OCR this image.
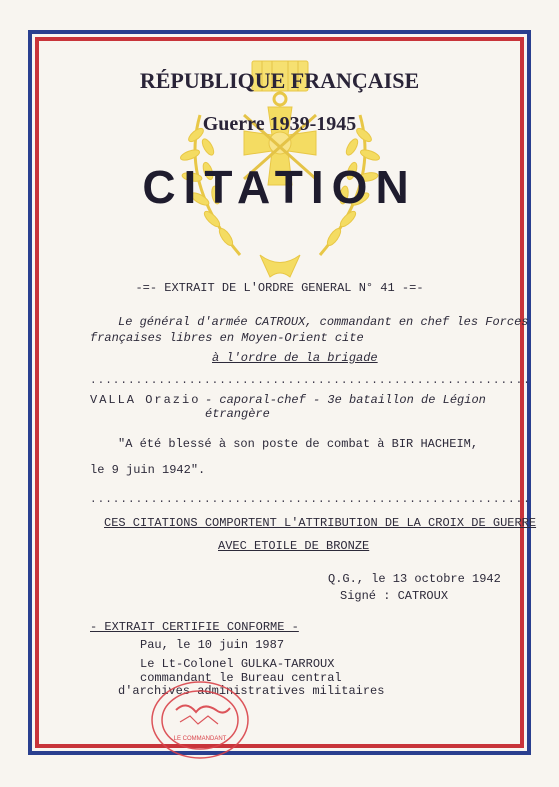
RÉPUBLIQUE FRANÇAISE

Guerre 1939-1945

CITATION

-=- EXTRAIT DE L'ORDRE GENERAL N° 41 -=-

Le général d'armée CATROUX, commandant en chef les Forces

françaises libres en Moyen-Orient cite

à l'ordre de la brigade

..........................................................

VALLA Orazio - caporal-chef - 3e bataillon de Légion

étrangère

"A été blessé à son poste de combat à BIR HACHEIM,

le 9 juin 1942".

..........................................................

CES CITATIONS COMPORTENT L'ATTRIBUTION DE LA CROIX DE GUERRE

AVEC ETOILE DE BRONZE

Q.G., le 13 octobre 1942

Signé : CATROUX

- EXTRAIT CERTIFIE CONFORME -

Pau, le 10 juin 1987

Le Lt-Colonel GULKA-TARROUX

commandant le Bureau central

d'archives administratives militaires

LE COMMANDANT
